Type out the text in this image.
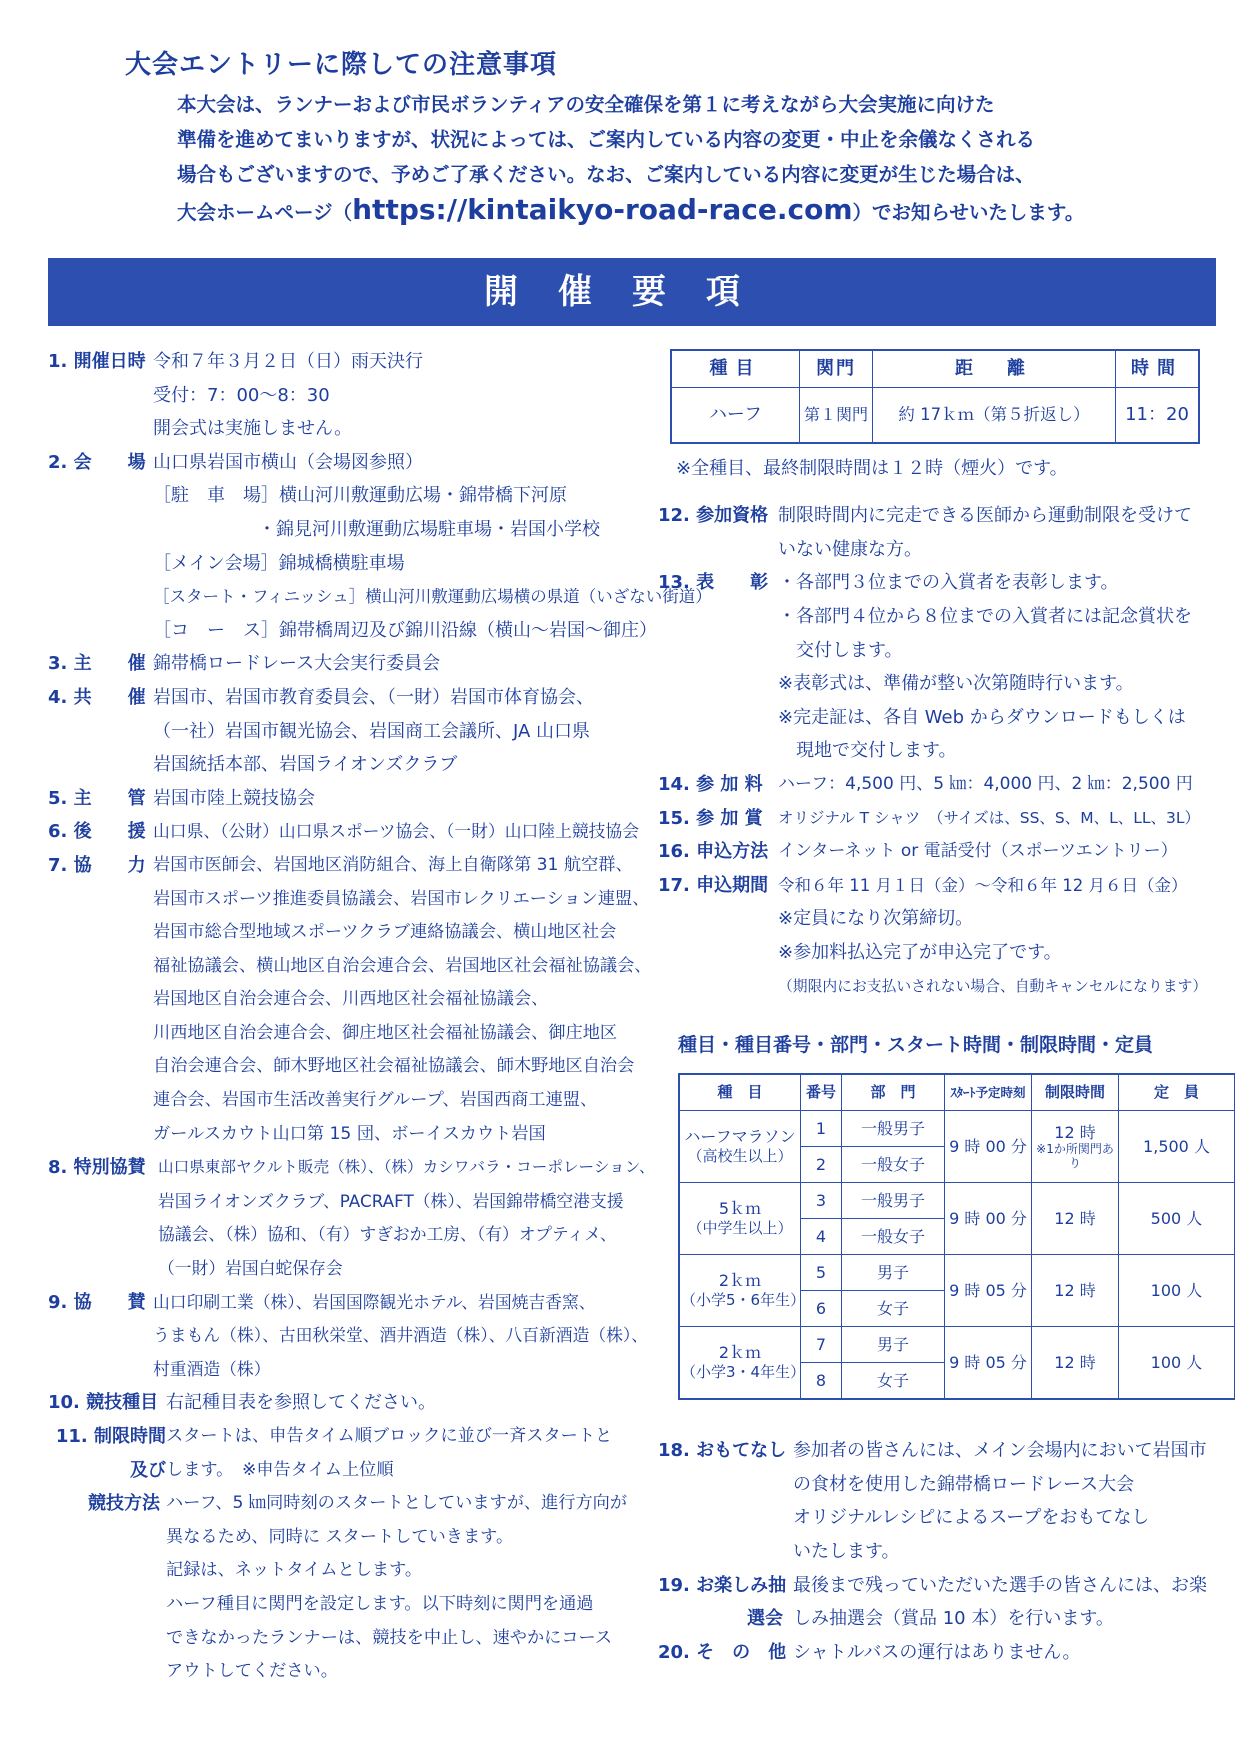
大会エントリーに際しての注意事項
本大会は、ランナーおよび市民ボランティアの安全確保を第１に考えながら大会実施に向けた
準備を進めてまいりますが、状況によっては、ご案内している内容の変更・中止を余儀なくされる
場合もございますので、予めご了承ください。なお、ご案内している内容に変更が生じた場合は、
大会ホームページ（https://kintaikyo-road-race.com）でお知らせいたします。
開催要項
1. 開催日時 令和７年３月２日（日）雨天決行
受付：7：00～8：30
開会式は実施しません。
2. 会　　場 山口県岩国市横山（会場図参照）
［駐　車　場］横山河川敷運動広場・錦帯橋下河原
・錦見河川敷運動広場駐車場・岩国小学校
［メイン会場］錦城橋横駐車場
［スタート・フィニッシュ］横山河川敷運動広場横の県道（いざない街道）
［コ　ー　ス］錦帯橋周辺及び錦川沿線（横山～岩国～御庄）
3. 主　　催 錦帯橋ロードレース大会実行委員会
4. 共　　催 岩国市、岩国市教育委員会、（一財）岩国市体育協会、
（一社）岩国市観光協会、岩国商工会議所、JA 山口県
岩国統括本部、岩国ライオンズクラブ
5. 主　　管 岩国市陸上競技協会
6. 後　　援 山口県、（公財）山口県スポーツ協会、（一財）山口陸上競技協会
7. 協　　力 岩国市医師会、岩国地区消防組合、海上自衛隊第 31 航空群、
岩国市スポーツ推進委員協議会、岩国市レクリエーション連盟、
岩国市総合型地域スポーツクラブ連絡協議会、横山地区社会
福祉協議会、横山地区自治会連合会、岩国地区社会福祉協議会、
岩国地区自治会連合会、川西地区社会福祉協議会、
川西地区自治会連合会、御庄地区社会福祉協議会、御庄地区
自治会連合会、師木野地区社会福祉協議会、師木野地区自治会
連合会、岩国市生活改善実行グループ、岩国西商工連盟、
ガールスカウト山口第 15 団、ボーイスカウト岩国
8. 特別協賛 山口県東部ヤクルト販売（株）、（株）カシワバラ・コーポレーション、
岩国ライオンズクラブ、PACRAFT（株）、岩国錦帯橋空港支援
協議会、（株）協和、（有）すぎおか工房、（有）オプティメ、
（一財）岩国白蛇保存会
9. 協　　賛 山口印刷工業（株）、岩国国際観光ホテル、岩国焼吉香窯、
うまもん（株）、古田秋栄堂、酒井酒造（株）、八百新酒造（株）、
村重酒造（株）
10. 競技種目 右記種目表を参照してください。
11. 制限時間
及び
競技方法
スタートは、申告タイム順ブロックに並び一斉スタートと
します。　※申告タイム上位順
ハーフ、5 ㎞同時刻のスタートとしていますが、進行方向が
異なるため、同時に スタートしていきます。
記録は、ネットタイムとします。
ハーフ種目に関門を設定します。以下時刻に関門を通過
できなかったランナーは、競技を中止し、速やかにコース
アウトしてください。
種目	関門	距　離	時間
ハーフ	第１関門	約 17ｋｍ（第５折返し）	11：20
※全種目、最終制限時間は１２時（煙火）です。
12. 参加資格 制限時間内に完走できる医師から運動制限を受けて
いない健康な方。
13. 表　　彰 ・各部門３位までの入賞者を表彰します。
・各部門４位から８位までの入賞者には記念賞状を
交付します。
※表彰式は、準備が整い次第随時行います。
※完走証は、各自 Web からダウンロードもしくは
現地で交付します。
14. 参 加 料 ハーフ：4,500 円、5 ㎞：4,000 円、2 ㎞：2,500 円
15. 参 加 賞 オリジナル T シャツ　（サイズは、SS、S、M、L、LL、3L）
16. 申込方法 インターネット or 電話受付（スポーツエントリー）
17. 申込期間 令和６年 11 月１日（金）～令和６年 12 月６日（金）
※定員になり次第締切。
※参加料払込完了が申込完了です。
（期限内にお支払いされない場合、自動キャンセルになります）
種目・種目番号・部門・スタート時間・制限時間・定員
種　目	番号	部　門	ｽﾀｰﾄ予定時刻	制限時間	定　員
ハーフマラソン
（高校生以上）	1	一般男子	9 時 00 分	12 時
※1か所関門あり	1,500 人
	2	一般女子			
5ｋｍ
（中学生以上）	3	一般男子	9 時 00 分	12 時	500 人
	4	一般女子			
2ｋｍ
（小学5・6年生）	5	男子	9 時 05 分	12 時	100 人
	6	女子			
2ｋｍ
（小学3・4年生）	7	男子	9 時 05 分	12 時	100 人
	8	女子			
18. おもてなし 参加者の皆さんには、メイン会場内において岩国市
の食材を使用した錦帯橋ロードレース大会
オリジナルレシピによるスープをおもてなし
いたします。
19. お楽しみ抽
選会
最後まで残っていただいた選手の皆さんには、お楽
しみ抽選会（賞品 10 本）を行います。
20. そ　の　他 シャトルバスの運行はありません。
